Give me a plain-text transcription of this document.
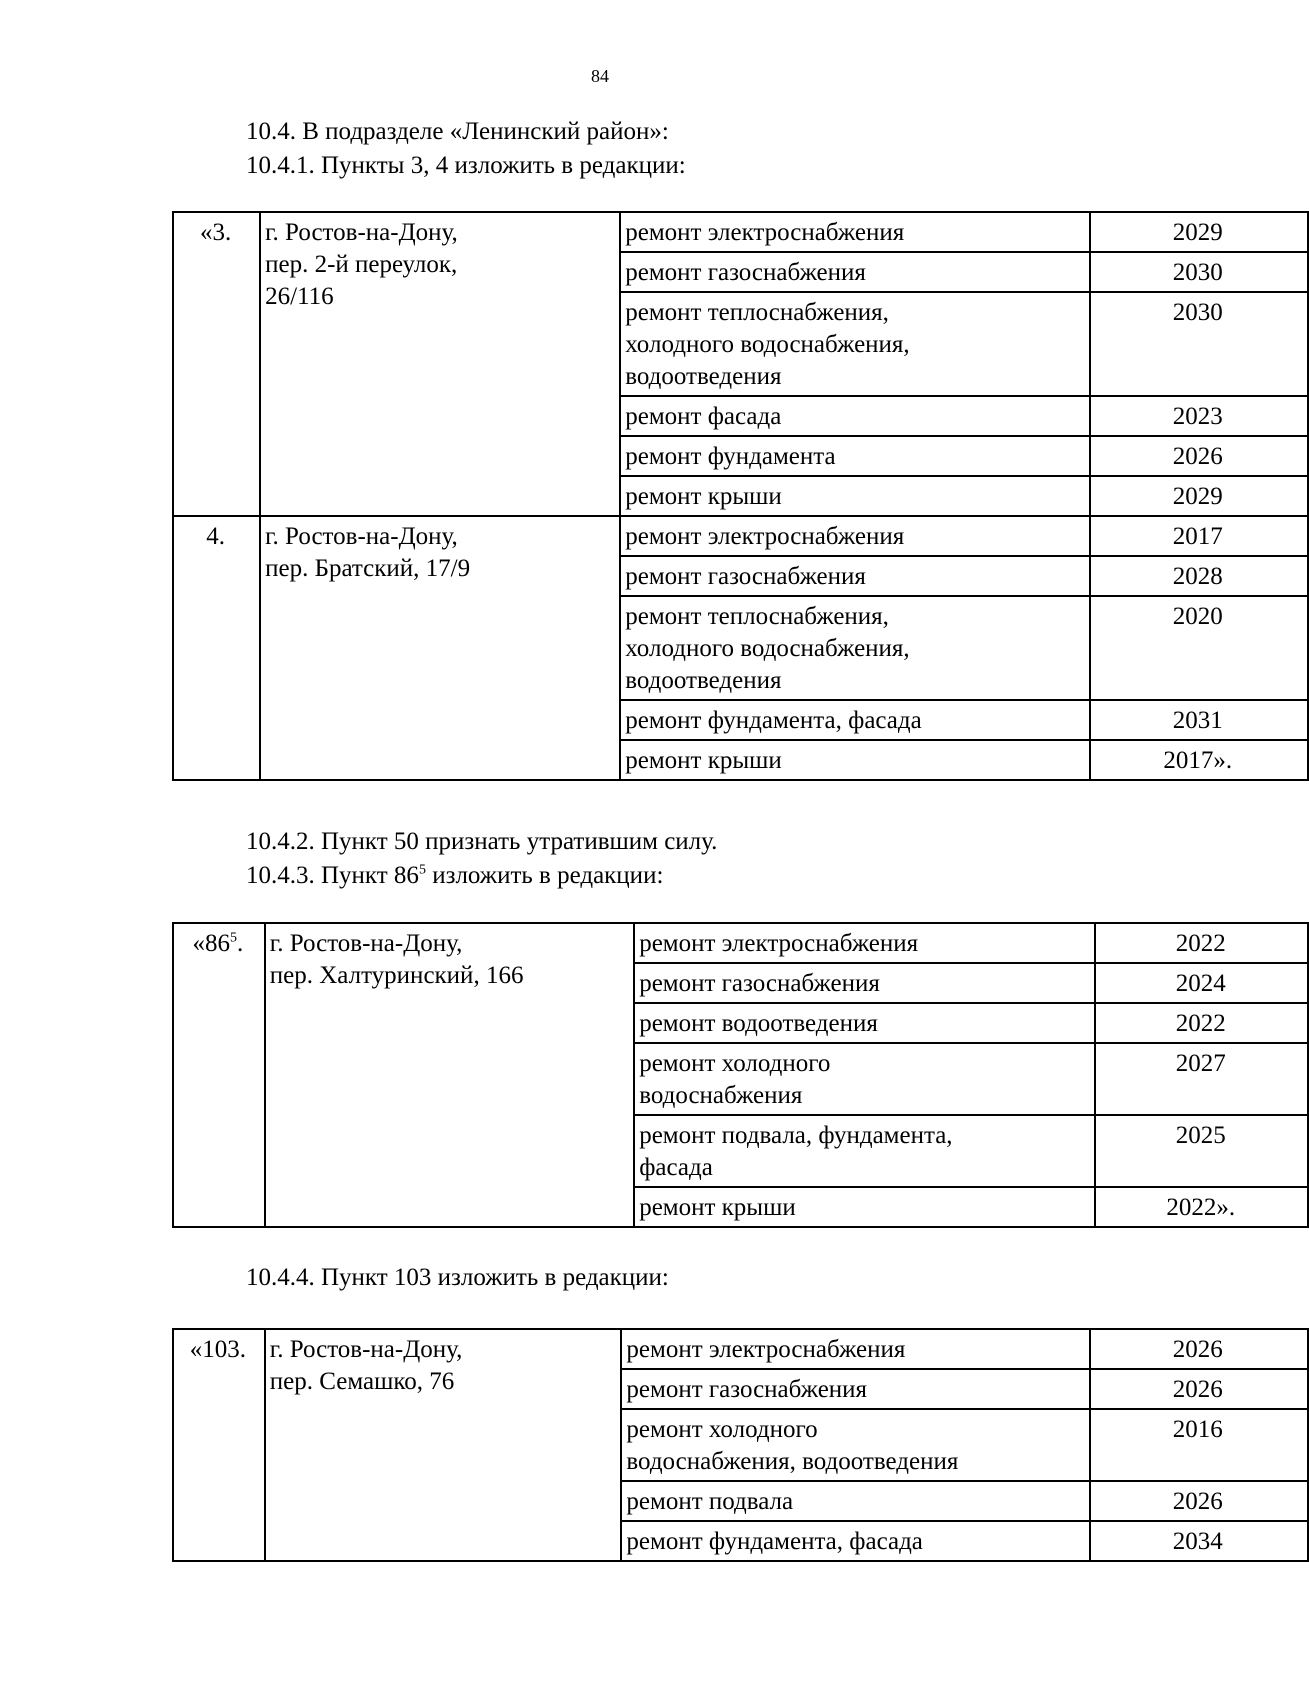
84
10.4. В подразделе «Ленинский район»:
10.4.1. Пункты 3, 4 изложить в редакции:
«3.	г. Ростов-на-Дону,
пер. 2-й переулок,
26/116	ремонт электроснабжения	2029
		ремонт газоснабжения	2030
		ремонт теплоснабжения,
холодного водоснабжения,
водоотведения	2030
		ремонт фасада	2023
		ремонт фундамента	2026
		ремонт крыши	2029
4.	г. Ростов-на-Дону,
пер. Братский, 17/9	ремонт электроснабжения	2017
		ремонт газоснабжения	2028
		ремонт теплоснабжения,
холодного водоснабжения,
водоотведения	2020
		ремонт фундамента, фасада	2031
		ремонт крыши	2017».
10.4.2. Пункт 50 признать утратившим силу.
10.4.3. Пункт $86^5$ изложить в редакции:
«$86^5$.	г. Ростов-на-Дону,
пер. Халтуринский, 166	ремонт электроснабжения	2022
		ремонт газоснабжения	2024
		ремонт водоотведения	2022
		ремонт холодного
водоснабжения	2027
		ремонт подвала, фундамента,
фасада	2025
		ремонт крыши	2022».
10.4.4. Пункт 103 изложить в редакции:
«103.	г. Ростов-на-Дону,
пер. Семашко, 76	ремонт электроснабжения	2026
		ремонт газоснабжения	2026
		ремонт холодного
водоснабжения, водоотведения	2016
		ремонт подвала	2026
		ремонт фундамента, фасада	2034
